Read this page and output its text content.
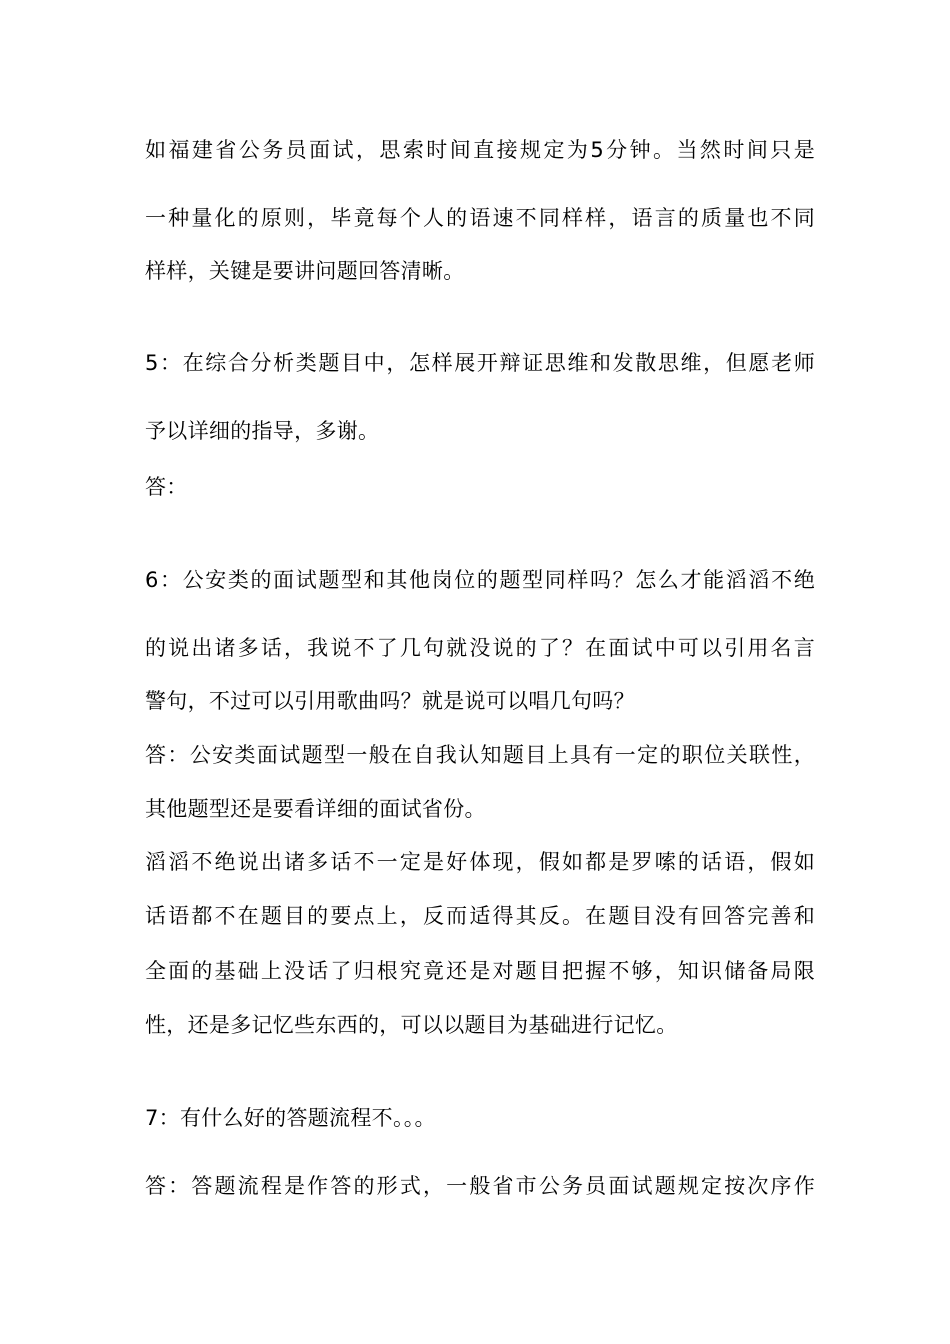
如福建省公务员面试，思索时间直接规定为5分钟。当然时间只是
一种量化的原则，毕竟每个人的语速不同样样，语言的质量也不同
样样，关键是要讲问题回答清晰。
5：在综合分析类题目中，怎样展开辩证思维和发散思维，但愿老师
予以详细的指导，多谢。
答：
6：公安类的面试题型和其他岗位的题型同样吗？怎么才能滔滔不绝
的说出诸多话，我说不了几句就没说的了？在面试中可以引用名言
警句，不过可以引用歌曲吗？就是说可以唱几句吗？
答：公安类面试题型一般在自我认知题目上具有一定的职位关联性，
其他题型还是要看详细的面试省份。
滔滔不绝说出诸多话不一定是好体现，假如都是罗嗦的话语，假如
话语都不在题目的要点上，反而适得其反。在题目没有回答完善和
全面的基础上没话了归根究竟还是对题目把握不够，知识储备局限
性，还是多记忆些东西的，可以以题目为基础进行记忆。
7：有什么好的答题流程不。。。
答：答题流程是作答的形式，一般省市公务员面试题规定按次序作
